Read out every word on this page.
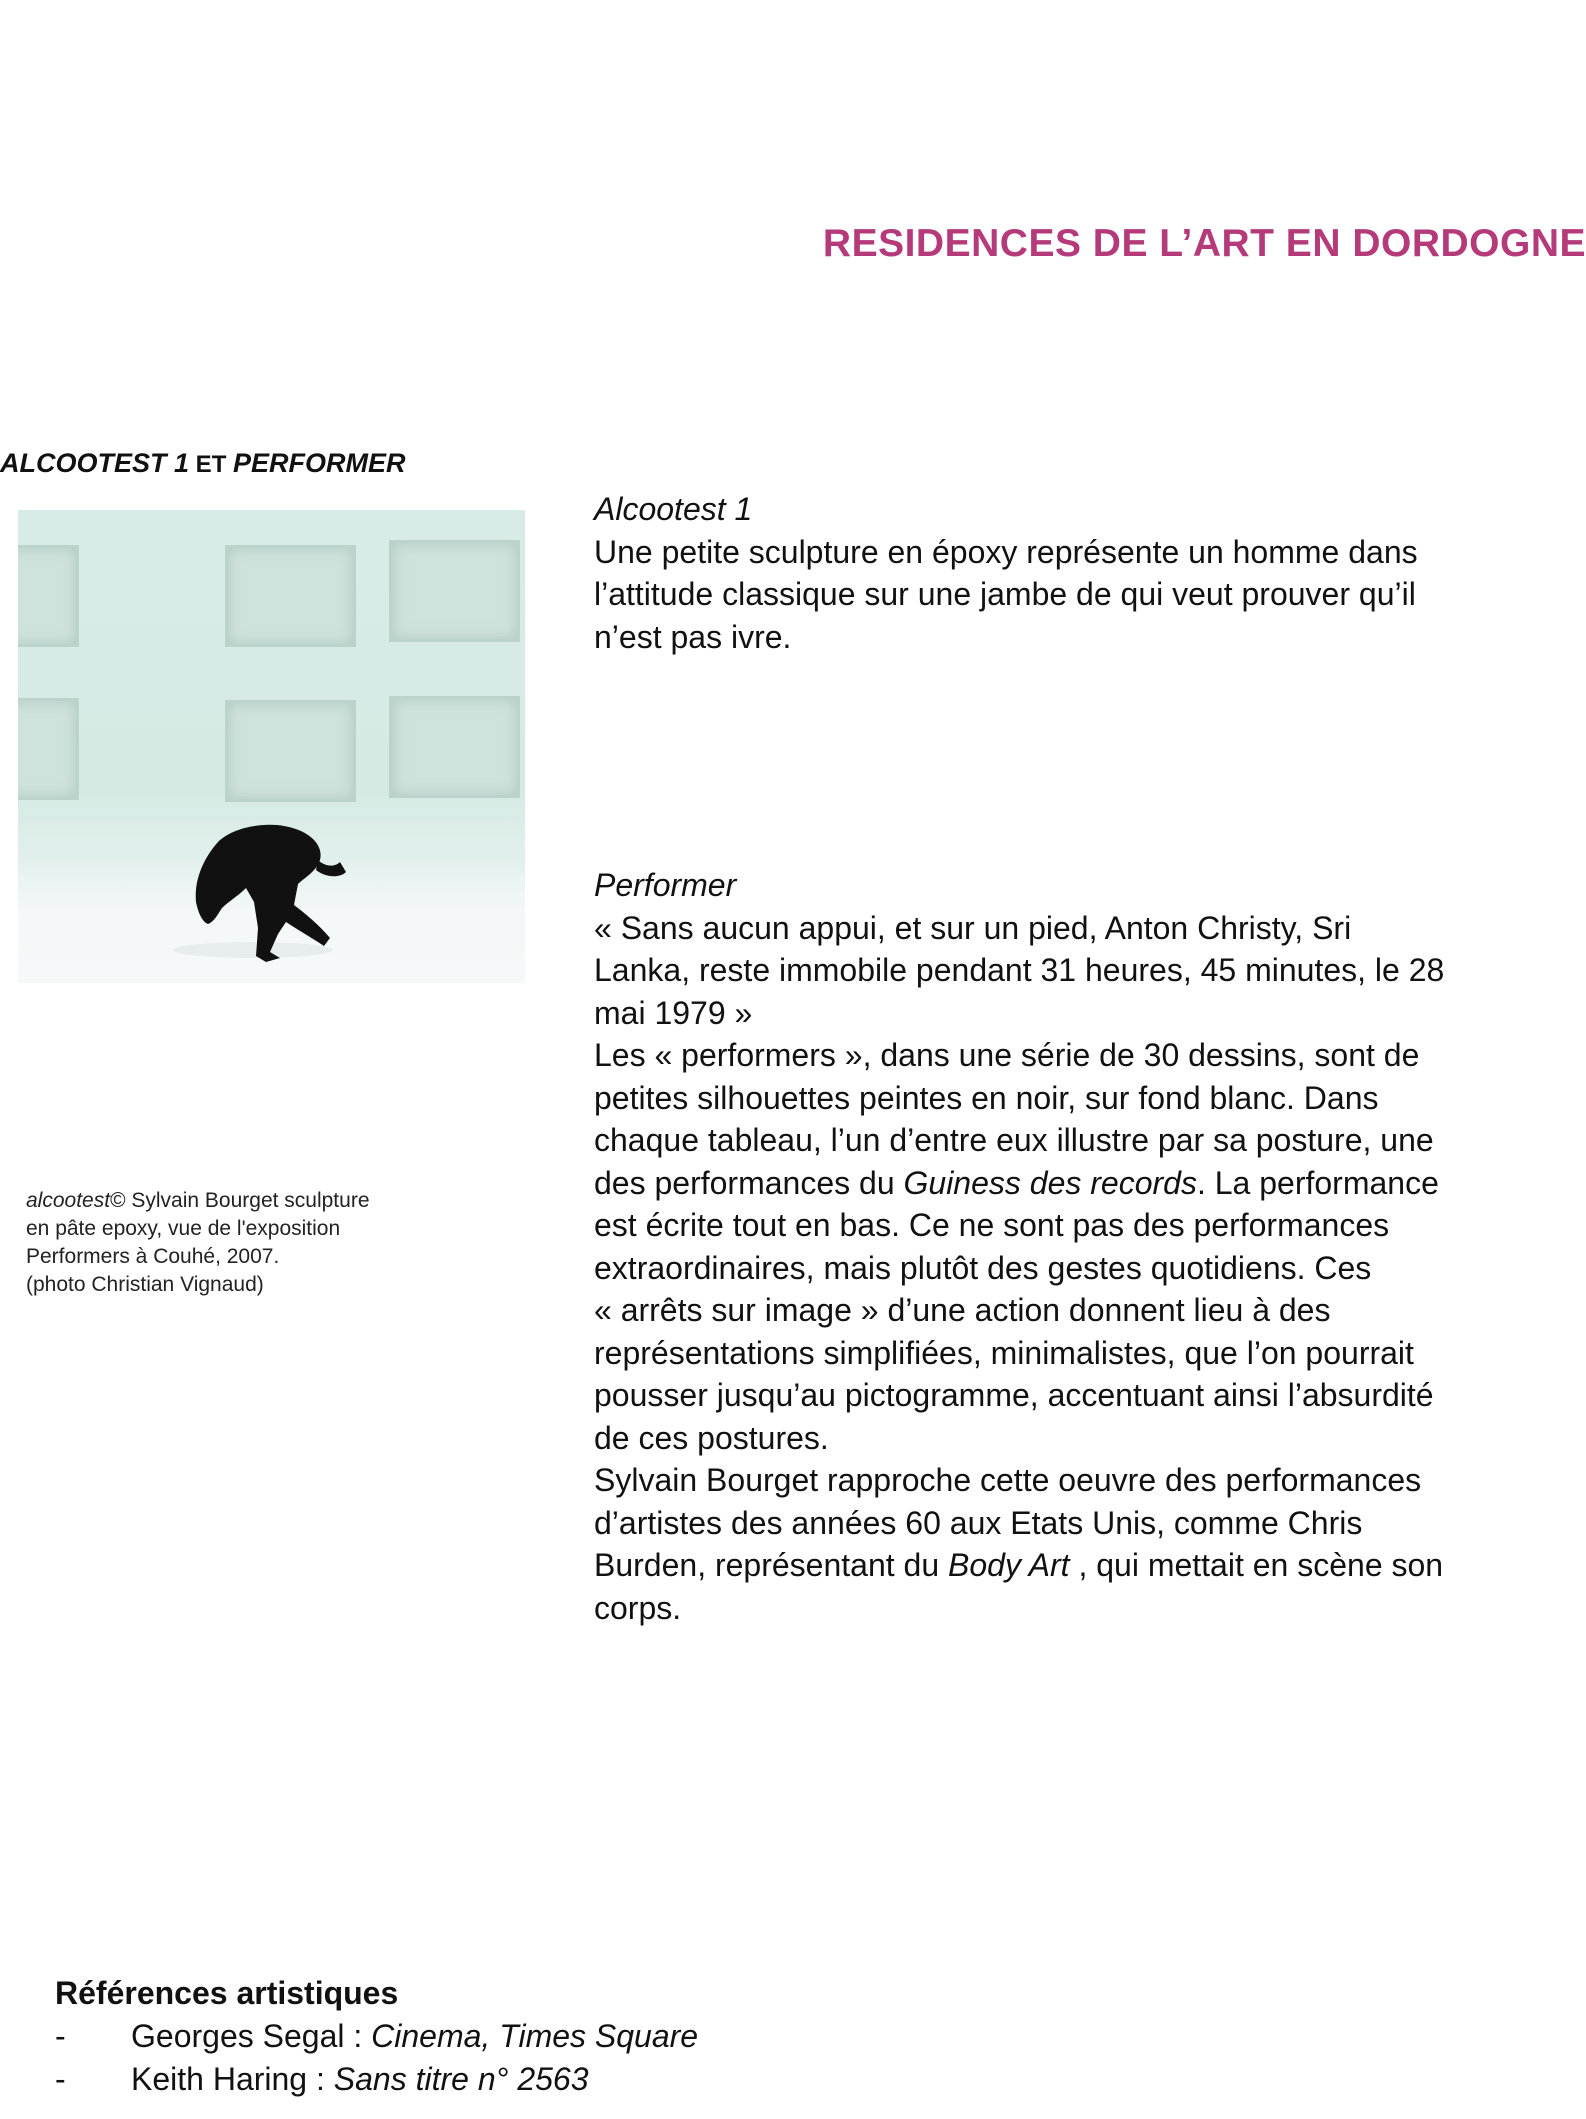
RESIDENCES DE L’ART EN DORDOGNE
ALCOOTEST 1 ET PERFORMER
alcootest© Sylvain Bourget sculpture
en pâte epoxy, vue de l'exposition
Performers à Couhé, 2007.
(photo Christian Vignaud)
Alcootest 1
Une petite sculpture en époxy représente un homme dans
l’attitude classique sur une jambe de qui veut prouver qu’il
n’est pas ivre.
Performer
« Sans aucun appui, et sur un pied, Anton Christy, Sri
Lanka, reste immobile pendant 31 heures, 45 minutes, le 28
mai 1979 »
Les « performers », dans une série de 30 dessins, sont de
petites silhouettes peintes en noir, sur fond blanc. Dans
chaque tableau, l’un d’entre eux illustre par sa posture, une
des performances du Guiness des records. La performance
est écrite tout en bas. Ce ne sont pas des performances
extraordinaires, mais plutôt des gestes quotidiens. Ces
« arrêts sur image » d’une action donnent lieu à des
représentations simplifiées, minimalistes, que l’on pourrait
pousser jusqu’au pictogramme, accentuant ainsi l’absurdité
de ces postures.
Sylvain Bourget rapproche cette oeuvre des performances
d’artistes des années 60 aux Etats Unis, comme Chris
Burden, représentant du Body Art , qui mettait en scène son
corps.
Références artistiques
- Georges Segal : Cinema, Times Square
- Keith Haring : Sans titre n° 2563
